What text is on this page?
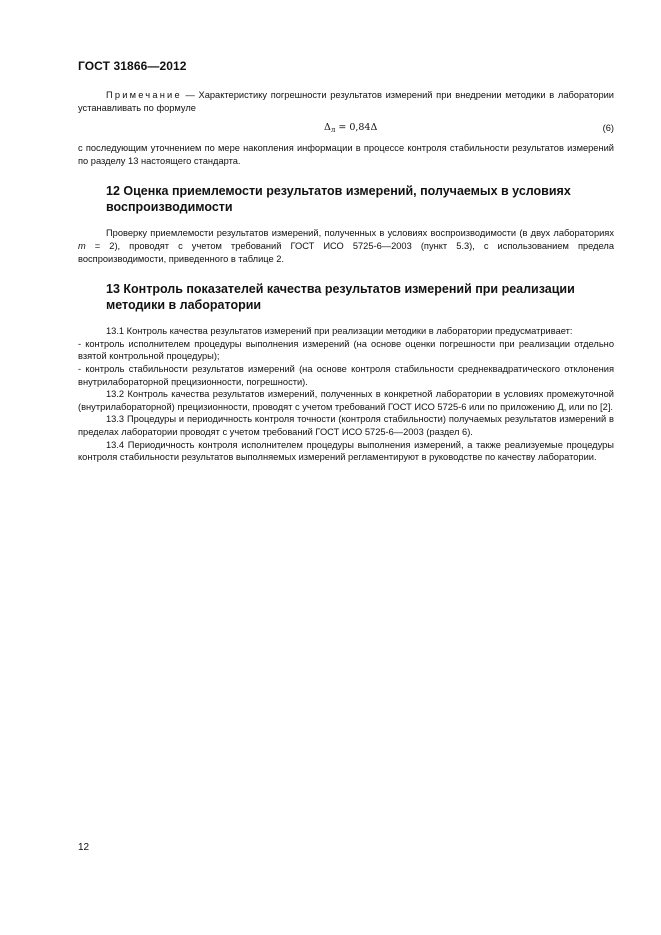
ГОСТ 31866—2012

Примечание — Характеристику погрешности результатов измерений при внедрении методики в лаборатории устанавливать по формуле

$\Delta_л = 0,84\Delta$	(6)

с последующим уточнением по мере накопления информации в процессе контроля стабильности результатов измерений по разделу 13 настоящего стандарта.

12 Оценка приемлемости результатов измерений, получаемых в условиях воспроизводимости

Проверку приемлемости результатов измерений, полученных в условиях воспроизводимости (в двух лабораториях m = 2), проводят с учетом требований ГОСТ ИСО 5725-6—2003 (пункт 5.3), с использованием предела воспроизводимости, приведенного в таблице 2.

13 Контроль показателей качества результатов измерений при реализации методики в лаборатории

13.1 Контроль качества результатов измерений при реализации методики в лаборатории предусматривает:

- контроль исполнителем процедуры выполнения измерений (на основе оценки погрешности при реализации отдельно взятой контрольной процедуры);

- контроль стабильности результатов измерений (на основе контроля стабильности среднеквадратического отклонения внутрилабораторной прецизионности, погрешности).

13.2 Контроль качества результатов измерений, полученных в конкретной лаборатории в условиях промежуточной (внутрилабораторной) прецизионности, проводят с учетом требований ГОСТ ИСО 5725-6 или по приложению Д, или по [2].

13.3 Процедуры и периодичность контроля точности (контроля стабильности) получаемых результатов измерений в пределах лаборатории проводят с учетом требований ГОСТ ИСО 5725-6—2003 (раздел 6).

13.4 Периодичность контроля исполнителем процедуры выполнения измерений, а также реализуемые процедуры контроля стабильности результатов выполняемых измерений регламентируют в руководстве по качеству лаборатории.

12
